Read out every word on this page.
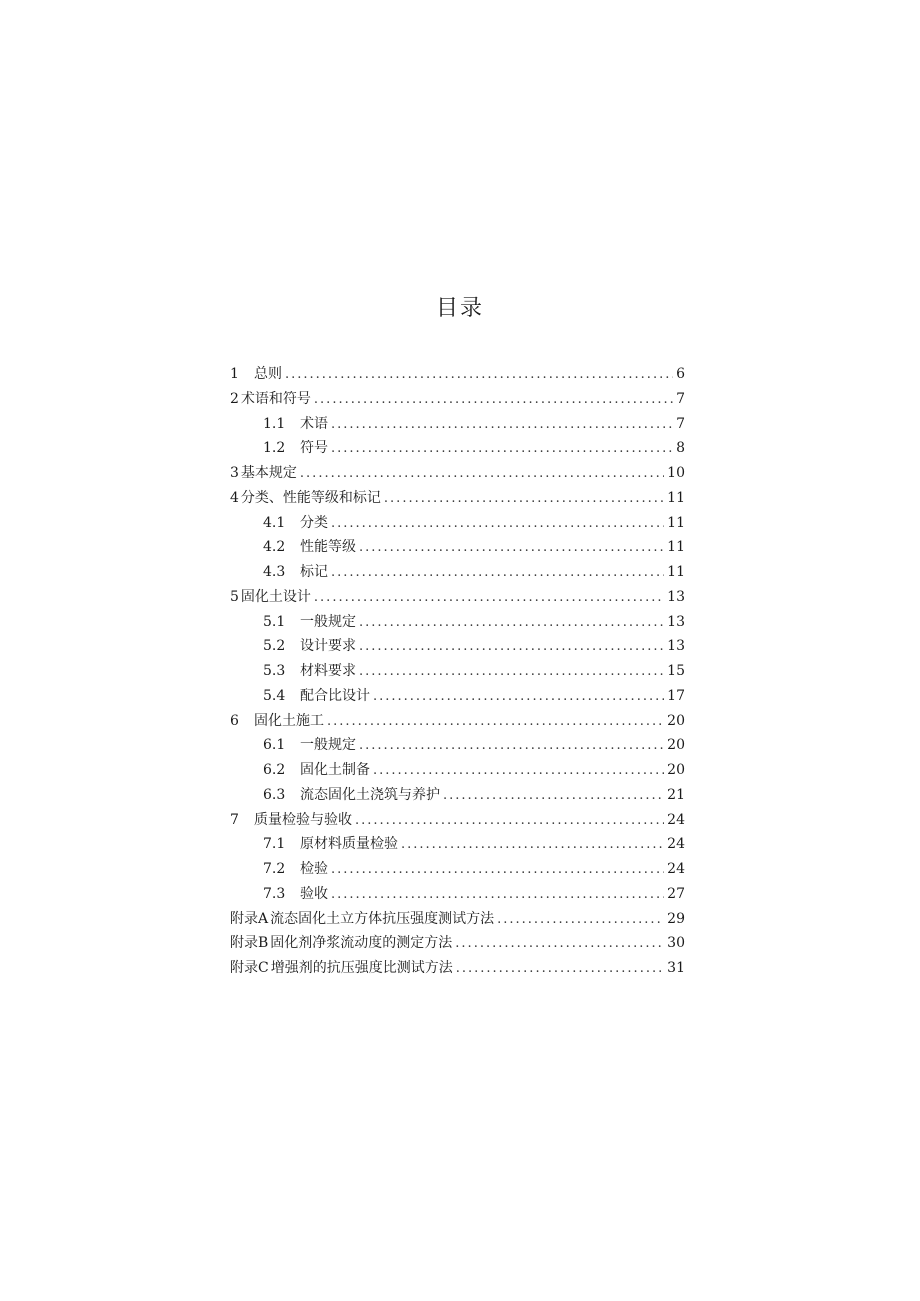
目录
1	总则 .....	6
2 术语和符号 .....	7
1.1	术语 .....	7
1.2	符号 .....	8
3 基本规定 .....	10
4 分类、性能等级和标记 .....	11
4.1	分类 .....	11
4.2	性能等级 .....	11
4.3	标记 .....	11
5 固化土设计 .....	13
5.1	一般规定 .....	13
5.2	设计要求 .....	13
5.3	材料要求 .....	15
5.4	配合比设计 .....	17
6	固化土施工 .....	20
6.1	一般规定 .....	20
6.2	固化土制备 .....	20
6.3	流态固化土浇筑与养护 .....	21
7	质量检验与验收 .....	24
7.1	原材料质量检验 .....	24
7.2	检验 .....	24
7.3	验收 .....	27
附录A 流态固化土立方体抗压强度测试方法 .....	29
附录B 固化剂净浆流动度的测定方法 .....	30
附录C 增强剂的抗压强度比测试方法 .....	31
